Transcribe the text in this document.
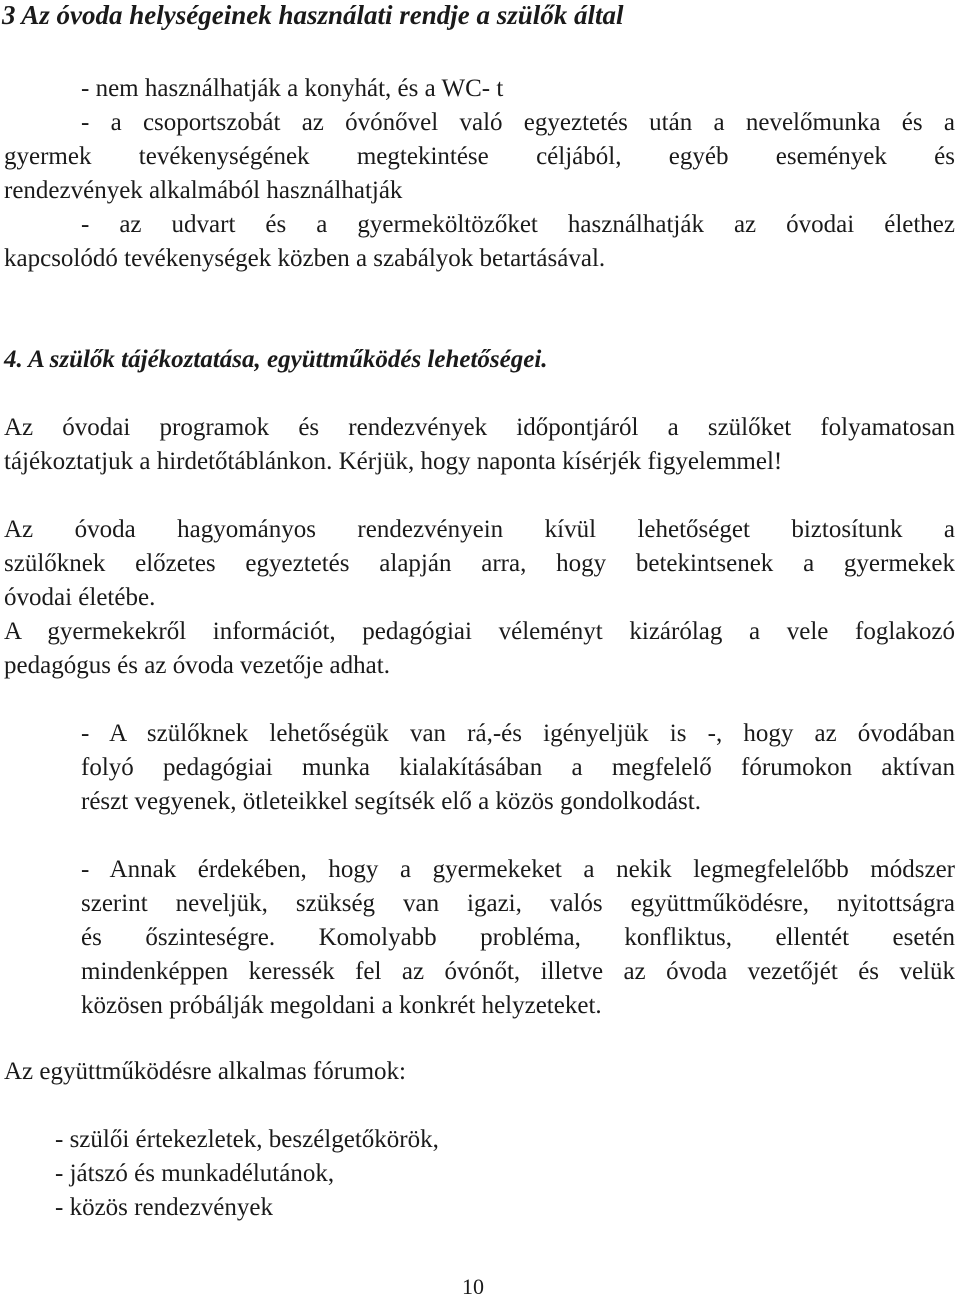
3 Az óvoda helységeinek használati rendje a szülők által

- nem használhatják a konyhát, és a WC- t

- a csoportszobát az óvónővel való egyeztetés után a nevelőmunka és a

gyermek tevékenységének megtekintése céljából, egyéb események és

rendezvények alkalmából használhatják

- az udvart és a gyermeköltözőket használhatják az óvodai élethez

kapcsolódó tevékenységek közben a szabályok betartásával.

4. A szülők tájékoztatása, együttműködés lehetőségei.

Az óvodai programok és rendezvények időpontjáról a szülőket folyamatosan

tájékoztatjuk a hirdetőtáblánkon. Kérjük, hogy naponta kísérjék figyelemmel!

Az óvoda hagyományos rendezvényein kívül lehetőséget biztosítunk a

szülőknek előzetes egyeztetés alapján arra, hogy betekintsenek a gyermekek

óvodai életébe.

A gyermekekről információt, pedagógiai véleményt kizárólag a vele foglakozó

pedagógus és az óvoda vezetője adhat.

- A szülőknek lehetőségük van rá,-és igényeljük is -, hogy az óvodában

folyó pedagógiai munka kialakításában a megfelelő fórumokon aktívan

részt vegyenek, ötleteikkel segítsék elő a közös gondolkodást.

- Annak érdekében, hogy a gyermekeket a nekik legmegfelelőbb módszer

szerint neveljük, szükség van igazi, valós együttműködésre, nyitottságra

és őszinteségre. Komolyabb probléma, konfliktus, ellentét esetén

mindenképpen keressék fel az óvónőt, illetve az óvoda vezetőjét és velük

közösen próbálják megoldani a konkrét helyzeteket.

Az együttműködésre alkalmas fórumok:

- szülői értekezletek, beszélgetőkörök,

- játszó és munkadélutánok,

- közös rendezvények

10
